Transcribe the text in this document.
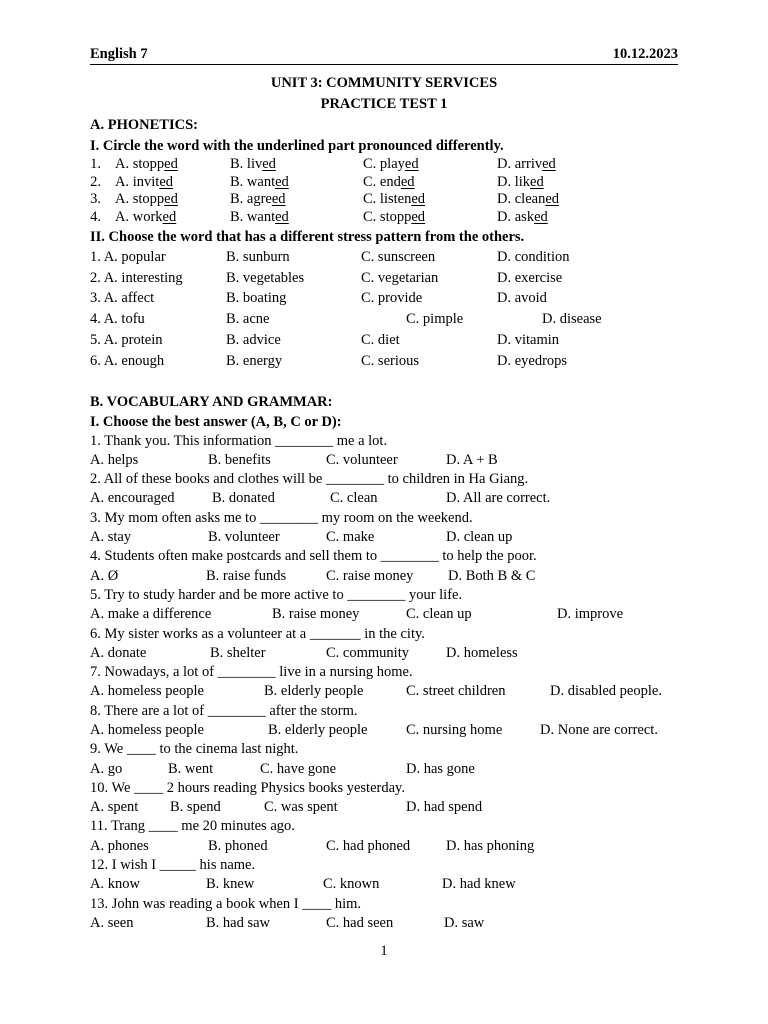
English 7	10.12.2023
UNIT 3: COMMUNITY SERVICES
PRACTICE TEST 1
A. PHONETICS:
I. Circle the word with the underlined part pronounced differently.
1. A. stopped	B. lived	C. played	D. arrived
2. A. invited	B. wanted	C. ended	D. liked
3. A. stopped	B. agreed	C. listened	D. cleaned
4. A. worked	B. wanted	C. stopped	D. asked
II. Choose the word that has a different stress pattern from the others.
1. A. popular	B. sunburn	C. sunscreen	D. condition
2. A. interesting	B. vegetables	C. vegetarian	D. exercise
3. A. affect	B. boating	C. provide	D. avoid
4. A. tofu	B. acne	C. pimple	D. disease
5. A. protein	B. advice	C. diet	D. vitamin
6. A. enough	B. energy	C. serious	D. eyedrops
B. VOCABULARY AND GRAMMAR:
I. Choose the best answer (A, B, C or D):
1. Thank you. This information ________ me a lot.
A. helps	B. benefits	C. volunteer	D. A + B
2. All of these books and clothes will be ________ to children in Ha Giang.
A. encouraged	B. donated	C. clean	D. All are correct.
3. My mom often asks me to ________ my room on the weekend.
A. stay	B. volunteer	C. make	D. clean up
4. Students often make postcards and sell them to ________ to help the poor.
A. Ø	B. raise funds	C. raise money D. Both B & C
5. Try to study harder and be more active to ________ your life.
A. make a difference	B. raise money	C. clean up	D. improve
6. My sister works as a volunteer at a _______ in the city.
A. donate	B. shelter	C. community	D. homeless
7. Nowadays, a lot of ________ live in a nursing home.
A. homeless people	B. elderly people	C. street children	D. disabled people.
8. There are a lot of ________ after the storm.
A. homeless people	B. elderly people	C. nursing home	D. None are correct.
9. We ____ to the cinema last night.
A. go	B. went	C. have gone	D. has gone
10. We ____ 2 hours reading Physics books yesterday.
A. spent B. spend	C. was spent	D. had spend
11. Trang ____ me 20 minutes ago.
A. phones	B. phoned	C. had phoned D. has phoning
12. I wish I _____ his name.
A. know	B. knew	C. known	D. had knew
13. John was reading a book when I ____ him.
A. seen	B. had saw	C. had seen	D. saw
1
